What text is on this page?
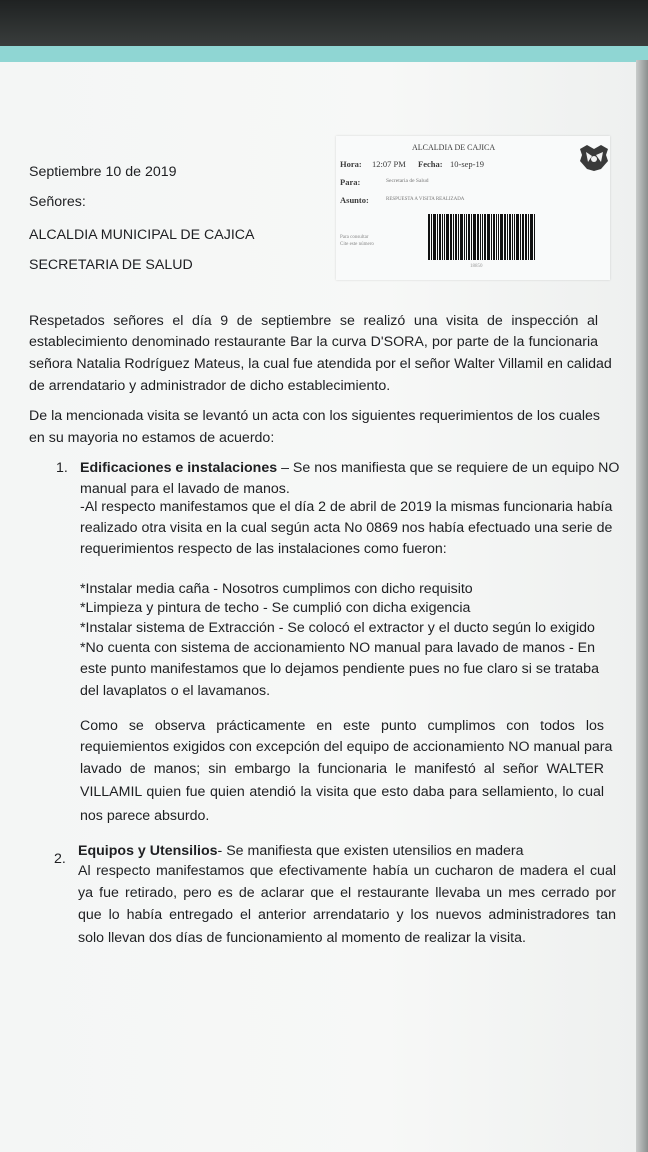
Septiembre 10 de 2019
Señores:
ALCALDIA MUNICIPAL DE CAJICA
SECRETARIA DE SALUD
ALCALDIA DE CAJICA
Hora: 12:07 PM Fecha: 10-sep-19
Para:	Secretaria de Salud
Asunto:	RESPUESTA A VISITA REALIZADA
Para consultar
Cite este número
18850
Respetados señores el día 9 de septiembre se realizó una visita de inspección al
establecimiento denominado restaurante Bar la curva D'SORA, por parte de la funcionaria
señora Natalia Rodríguez Mateus, la cual fue atendida por el señor Walter Villamil en calidad
de arrendatario y administrador de dicho establecimiento.
De la mencionada visita se levantó un acta con los siguientes requerimientos de los cuales
en su mayoria no estamos de acuerdo:
1. Edificaciones e instalaciones – Se nos manifiesta que se requiere de un equipo NO
manual para el lavado de manos.
-Al respecto manifestamos que el día 2 de abril de 2019 la mismas funcionaria había
realizado otra visita en la cual según acta No 0869 nos había efectuado una serie de
requerimientos respecto de las instalaciones como fueron:
*Instalar media caña - Nosotros cumplimos con dicho requisito
*Limpieza y pintura de techo - Se cumplió con dicha exigencia
*Instalar sistema de Extracción - Se colocó el extractor y el ducto según lo exigido
*No cuenta con sistema de accionamiento NO manual para lavado de manos - En
este punto manifestamos que lo dejamos pendiente pues no fue claro si se trataba
del lavaplatos o el lavamanos.
Como se observa prácticamente en este punto cumplimos con todos los
requiemientos exigidos con excepción del equipo de accionamiento NO manual para
lavado de manos; sin embargo la funcionaria le manifestó al señor WALTER
VILLAMIL quien fue quien atendió la visita que esto daba para sellamiento, lo cual
nos parece absurdo.
2. Equipos y Utensilios- Se manifiesta que existen utensilios en madera
Al respecto manifestamos que efectivamente había un cucharon de madera el cual
ya fue retirado, pero es de aclarar que el restaurante llevaba un mes cerrado por
que lo había entregado el anterior arrendatario y los nuevos administradores tan
solo llevan dos días de funcionamiento al momento de realizar la visita.
